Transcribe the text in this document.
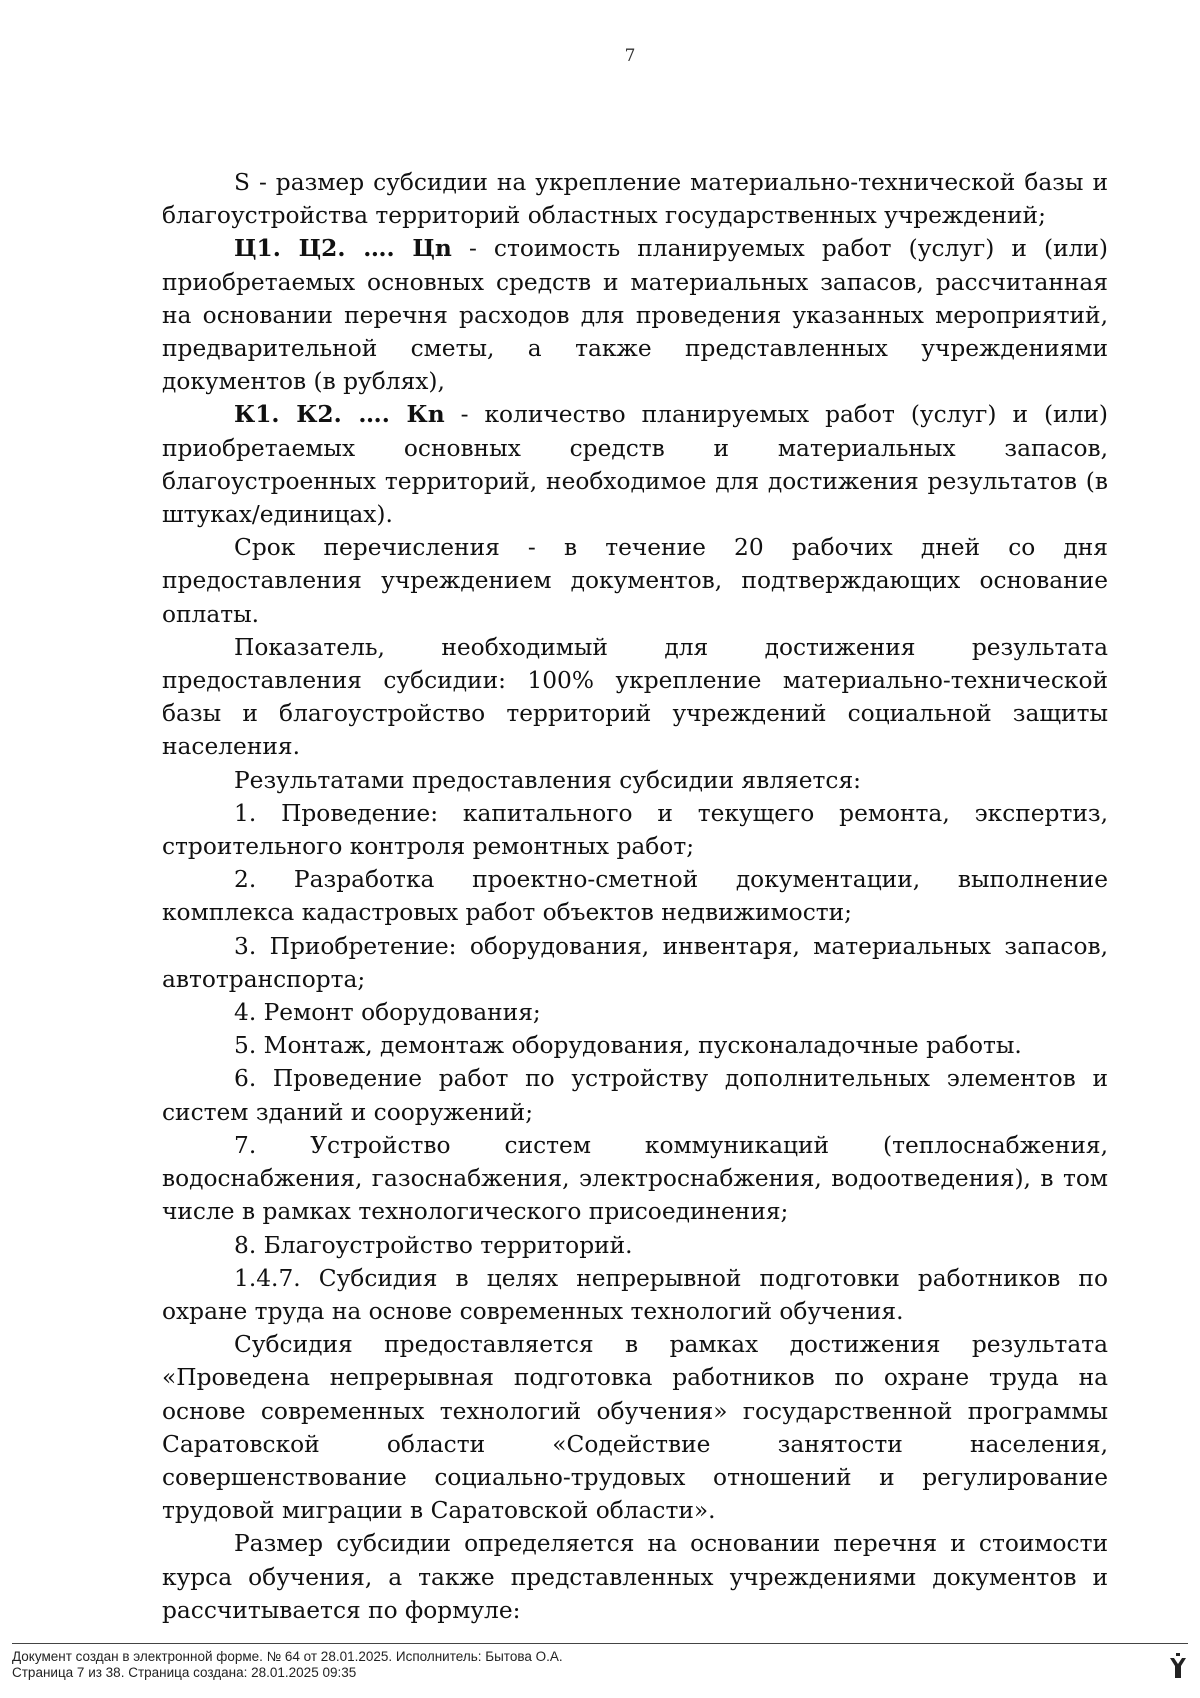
7

S - размер субсидии на укрепление материально-технической базы и благоустройства территорий областных государственных учреждений;

Ц1. Ц2. …. Цn - стоимость планируемых работ (услуг) и (или) приобретаемых основных средств и материальных запасов, рассчитанная на основании перечня расходов для проведения указанных мероприятий, предварительной сметы, а также представленных учреждениями документов (в рублях),

К1. К2. …. Кn - количество планируемых работ (услуг) и (или) приобретаемых основных средств и материальных запасов, благоустроенных территорий, необходимое для достижения результатов (в штуках/единицах).

Срок перечисления - в течение 20 рабочих дней со дня предоставления учреждением документов, подтверждающих основание оплаты.

Показатель, необходимый для достижения результата предоставления субсидии: 100% укрепление материально-технической базы и благоустройство территорий учреждений социальной защиты населения.

Результатами предоставления субсидии является:

1. Проведение: капитального и текущего ремонта, экспертиз, строительного контроля ремонтных работ;

2. Разработка проектно-сметной документации, выполнение комплекса кадастровых работ объектов недвижимости;

3. Приобретение: оборудования, инвентаря, материальных запасов, автотранспорта;

4. Ремонт оборудования;

5. Монтаж, демонтаж оборудования, пусконаладочные работы.

6. Проведение работ по устройству дополнительных элементов и систем зданий и сооружений;

7. Устройство систем коммуникаций (теплоснабжения, водоснабжения, газоснабжения, электроснабжения, водоотведения), в том числе в рамках технологического присоединения;

8. Благоустройство территорий.

1.4.7. Субсидия в целях непрерывной подготовки работников по охране труда на основе современных технологий обучения.

Субсидия предоставляется в рамках достижения результата «Проведена непрерывная подготовка работников по охране труда на основе современных технологий обучения» государственной программы Саратовской области «Содействие занятости населения, совершенствование социально-трудовых отношений и регулирование трудовой миграции в Саратовской области».

Размер субсидии определяется на основании перечня и стоимости курса обучения, а также представленных учреждениями документов и рассчитывается по формуле:

Документ создан в электронной форме. № 64 от 28.01.2025. Исполнитель: Бытова О.А.
Страница 7 из 38. Страница создана: 28.01.2025 09:35
